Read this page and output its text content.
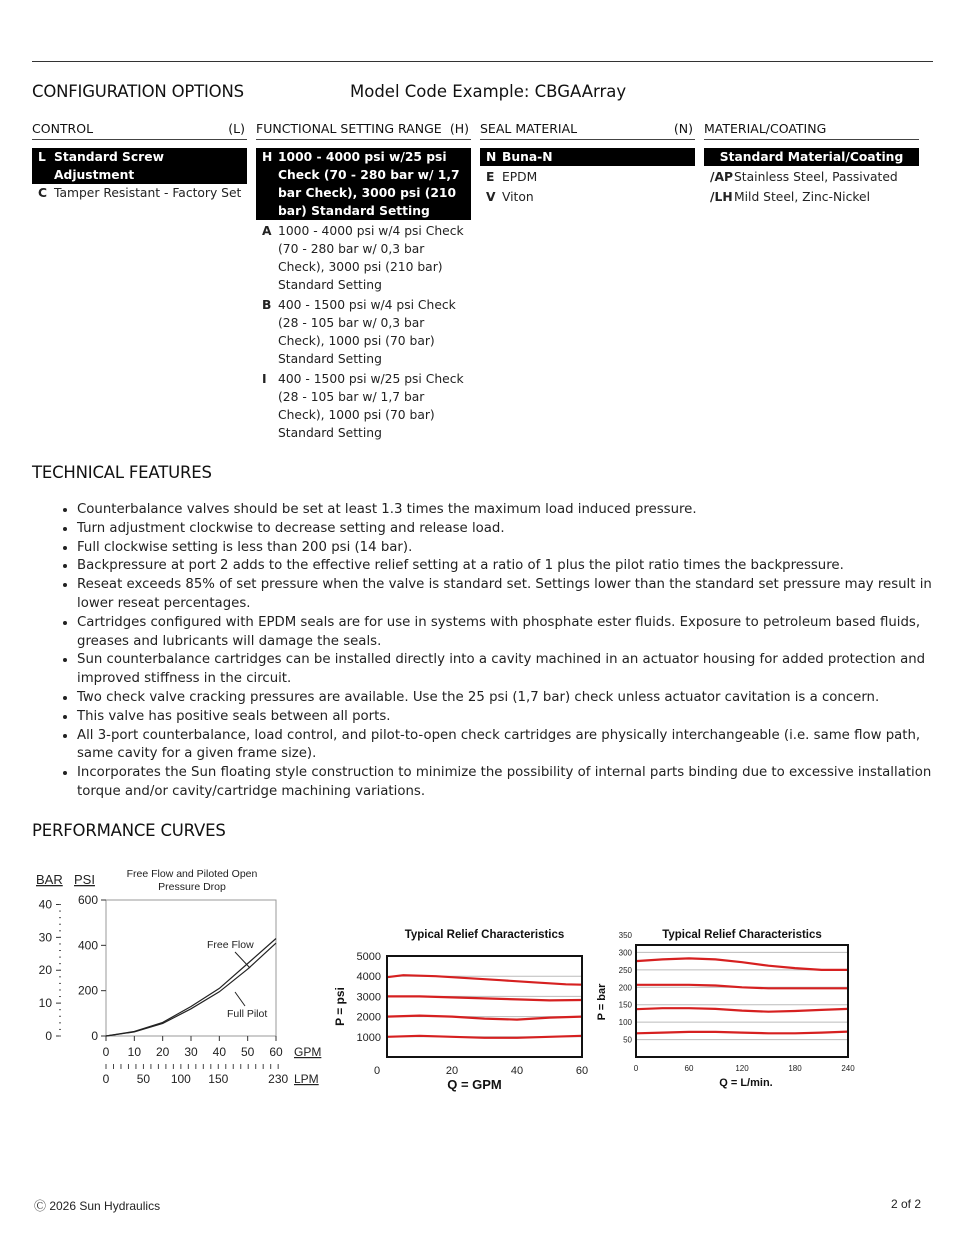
CONFIGURATION OPTIONS	Model Code Example: CBGAArray
CONTROL	(L)
L Standard Screw Adjustment
C Tamper Resistant - Factory Set
FUNCTIONAL SETTING RANGE (H)
H 1000 - 4000 psi w/25 psi Check (70 - 280 bar w/ 1,7 bar Check), 3000 psi (210 bar) Standard Setting
A 1000 - 4000 psi w/4 psi Check (70 - 280 bar w/ 0,3 bar Check), 3000 psi (210 bar) Standard Setting
B 400 - 1500 psi w/4 psi Check (28 - 105 bar w/ 0,3 bar Check), 1000 psi (70 bar) Standard Setting
I 400 - 1500 psi w/25 psi Check (28 - 105 bar w/ 1,7 bar Check), 1000 psi (70 bar) Standard Setting
SEAL MATERIAL	(N)
N Buna-N
E EPDM
V Viton
MATERIAL/COATING
Standard Material/Coating
/AP Stainless Steel, Passivated
/LH Mild Steel, Zinc-Nickel
TECHNICAL FEATURES
• Counterbalance valves should be set at least 1.3 times the maximum load induced pressure.
• Turn adjustment clockwise to decrease setting and release load.
• Full clockwise setting is less than 200 psi (14 bar).
• Backpressure at port 2 adds to the effective relief setting at a ratio of 1 plus the pilot ratio times the backpressure.
• Reseat exceeds 85% of set pressure when the valve is standard set. Settings lower than the standard set pressure may result in lower reseat percentages.
• Cartridges configured with EPDM seals are for use in systems with phosphate ester fluids. Exposure to petroleum based fluids, greases and lubricants will damage the seals.
• Sun counterbalance cartridges can be installed directly into a cavity machined in an actuator housing for added protection and improved stiffness in the circuit.
• Two check valve cracking pressures are available. Use the 25 psi (1,7 bar) check unless actuator cavitation is a concern.
• This valve has positive seals between all ports.
• All 3-port counterbalance, load control, and pilot-to-open check cartridges are physically interchangeable (i.e. same flow path, same cavity for a given frame size).
• Incorporates the Sun floating style construction to minimize the possibility of internal parts binding due to excessive installation torque and/or cavity/cartridge machining variations.
PERFORMANCE CURVES
Free Flow and Piloted Open
Pressure Drop
BAR PSI
0
200
400
600
0
10
20
30
40
0 10 20 30 40 50 60 GPM
0 50 100 150	230 LPM
Free Flow
Full Pilot
Typical Relief Characteristics
1000
2000
3000
4000
5000
0	20	40	60
Q = GPM
P = psi
Typical Relief Characteristics
50
100
150
200
250
300
350
0	60	120	180	240
Q = L/min.
P = bar
Ⓒ 2026 Sun Hydraulics	2 of 2
